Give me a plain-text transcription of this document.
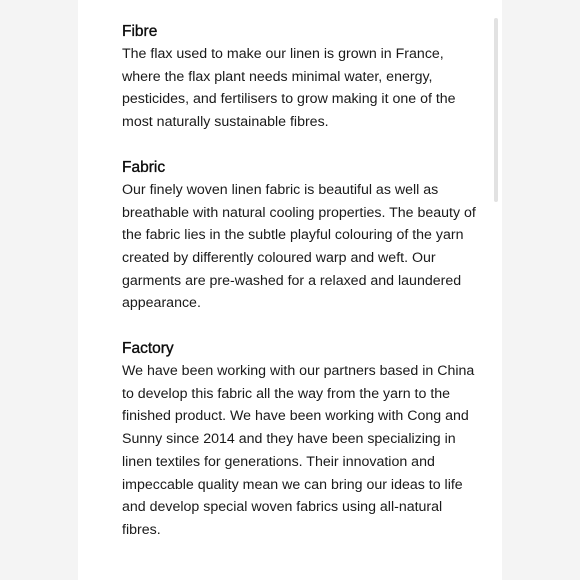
Fibre

The flax used to make our linen is grown in France, where the flax plant needs minimal water, energy, pesticides, and fertilisers to grow making it one of the most naturally sustainable fibres.

Fabric

Our finely woven linen fabric is beautiful as well as breathable with natural cooling properties. The beauty of the fabric lies in the subtle playful colouring of the yarn created by differently coloured warp and weft. Our garments are pre-washed for a relaxed and laundered appearance.

Factory

We have been working with our partners based in China to develop this fabric all the way from the yarn to the finished product. We have been working with Cong and Sunny since 2014 and they have been specializing in linen textiles for generations. Their innovation and impeccable quality mean we can bring our ideas to life and develop special woven fabrics using all-natural fibres.
